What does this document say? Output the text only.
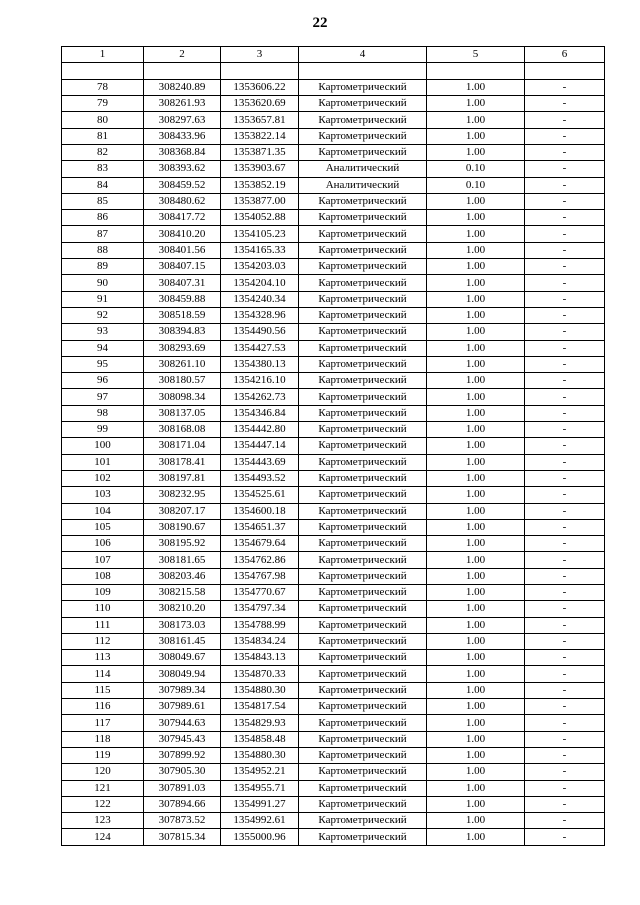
22
1	2	3	4	5	6

78	308240.89	1353606.22	Картометрический	1.00	-
79	308261.93	1353620.69	Картометрический	1.00	-
80	308297.63	1353657.81	Картометрический	1.00	-
81	308433.96	1353822.14	Картометрический	1.00	-
82	308368.84	1353871.35	Картометрический	1.00	-
83	308393.62	1353903.67	Аналитический	0.10	-
84	308459.52	1353852.19	Аналитический	0.10	-
85	308480.62	1353877.00	Картометрический	1.00	-
86	308417.72	1354052.88	Картометрический	1.00	-
87	308410.20	1354105.23	Картометрический	1.00	-
88	308401.56	1354165.33	Картометрический	1.00	-
89	308407.15	1354203.03	Картометрический	1.00	-
90	308407.31	1354204.10	Картометрический	1.00	-
91	308459.88	1354240.34	Картометрический	1.00	-
92	308518.59	1354328.96	Картометрический	1.00	-
93	308394.83	1354490.56	Картометрический	1.00	-
94	308293.69	1354427.53	Картометрический	1.00	-
95	308261.10	1354380.13	Картометрический	1.00	-
96	308180.57	1354216.10	Картометрический	1.00	-
97	308098.34	1354262.73	Картометрический	1.00	-
98	308137.05	1354346.84	Картометрический	1.00	-
99	308168.08	1354442.80	Картометрический	1.00	-
100	308171.04	1354447.14	Картометрический	1.00	-
101	308178.41	1354443.69	Картометрический	1.00	-
102	308197.81	1354493.52	Картометрический	1.00	-
103	308232.95	1354525.61	Картометрический	1.00	-
104	308207.17	1354600.18	Картометрический	1.00	-
105	308190.67	1354651.37	Картометрический	1.00	-
106	308195.92	1354679.64	Картометрический	1.00	-
107	308181.65	1354762.86	Картометрический	1.00	-
108	308203.46	1354767.98	Картометрический	1.00	-
109	308215.58	1354770.67	Картометрический	1.00	-
110	308210.20	1354797.34	Картометрический	1.00	-
111	308173.03	1354788.99	Картометрический	1.00	-
112	308161.45	1354834.24	Картометрический	1.00	-
113	308049.67	1354843.13	Картометрический	1.00	-
114	308049.94	1354870.33	Картометрический	1.00	-
115	307989.34	1354880.30	Картометрический	1.00	-
116	307989.61	1354817.54	Картометрический	1.00	-
117	307944.63	1354829.93	Картометрический	1.00	-
118	307945.43	1354858.48	Картометрический	1.00	-
119	307899.92	1354880.30	Картометрический	1.00	-
120	307905.30	1354952.21	Картометрический	1.00	-
121	307891.03	1354955.71	Картометрический	1.00	-
122	307894.66	1354991.27	Картометрический	1.00	-
123	307873.52	1354992.61	Картометрический	1.00	-
124	307815.34	1355000.96	Картометрический	1.00	-
